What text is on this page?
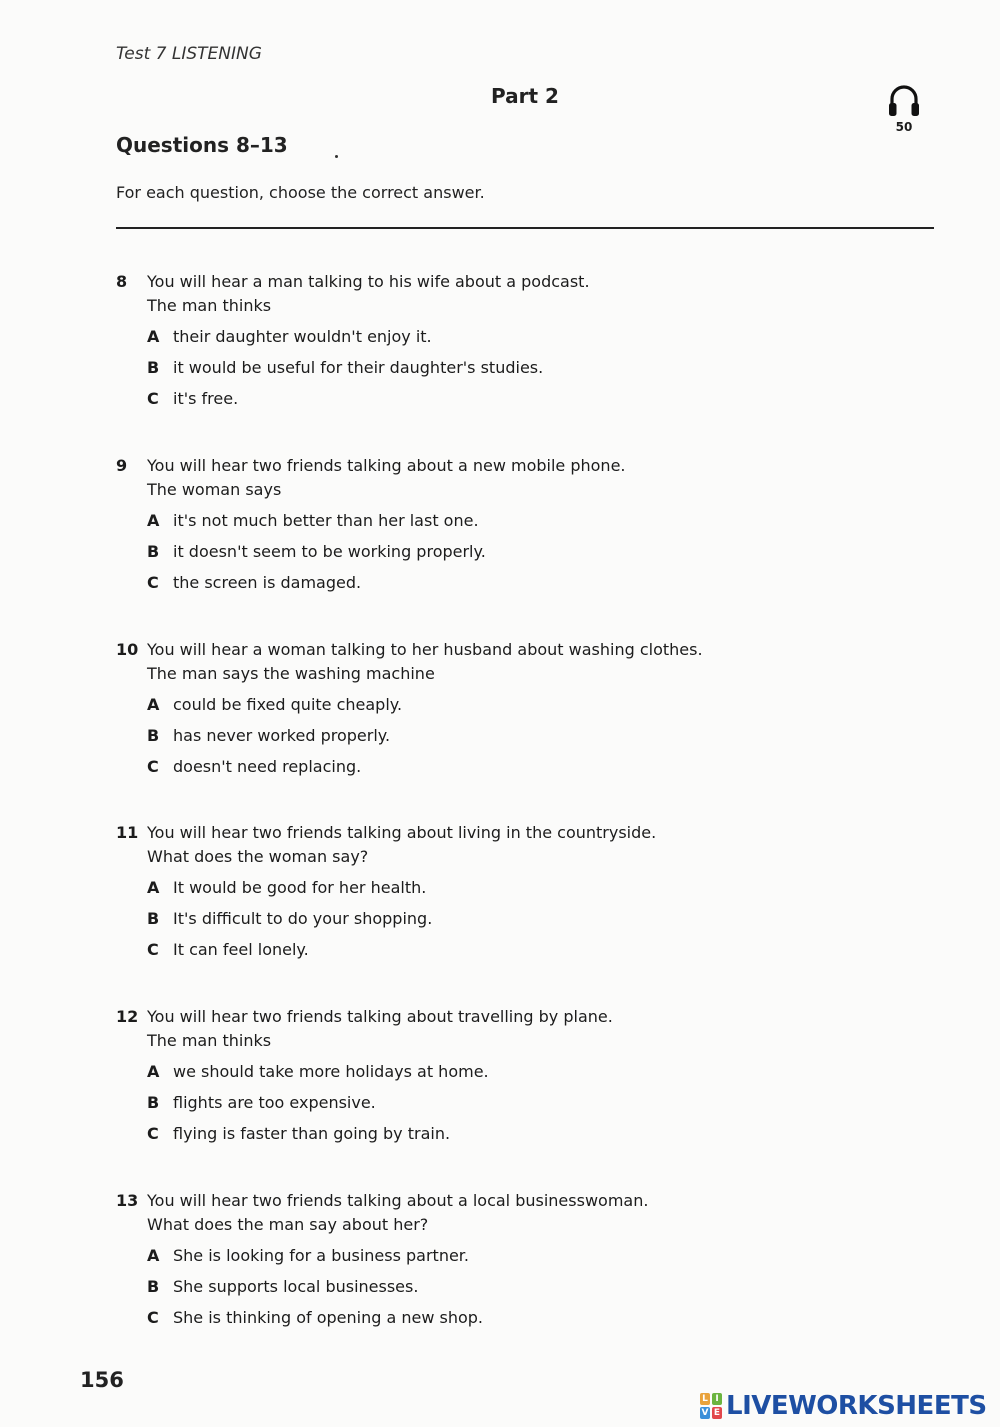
Test 7 LISTENING
Part 2
50
Questions 8–13
For each question, choose the correct answer.
8 You will hear a man talking to his wife about a podcast.
The man thinks
A their daughter wouldn't enjoy it.
B it would be useful for their daughter's studies.
C it's free.
9 You will hear two friends talking about a new mobile phone.
The woman says
A it's not much better than her last one.
B it doesn't seem to be working properly.
C the screen is damaged.
10 You will hear a woman talking to her husband about washing clothes.
The man says the washing machine
A could be fixed quite cheaply.
B has never worked properly.
C doesn't need replacing.
11 You will hear two friends talking about living in the countryside.
What does the woman say?
A It would be good for her health.
B It's difficult to do your shopping.
C It can feel lonely.
12 You will hear two friends talking about travelling by plane.
The man thinks
A we should take more holidays at home.
B flights are too expensive.
C flying is faster than going by train.
13 You will hear two friends talking about a local businesswoman.
What does the man say about her?
A She is looking for a business partner.
B She supports local businesses.
C She is thinking of opening a new shop.
156
L I
V E LIVEWORKSHEETS
